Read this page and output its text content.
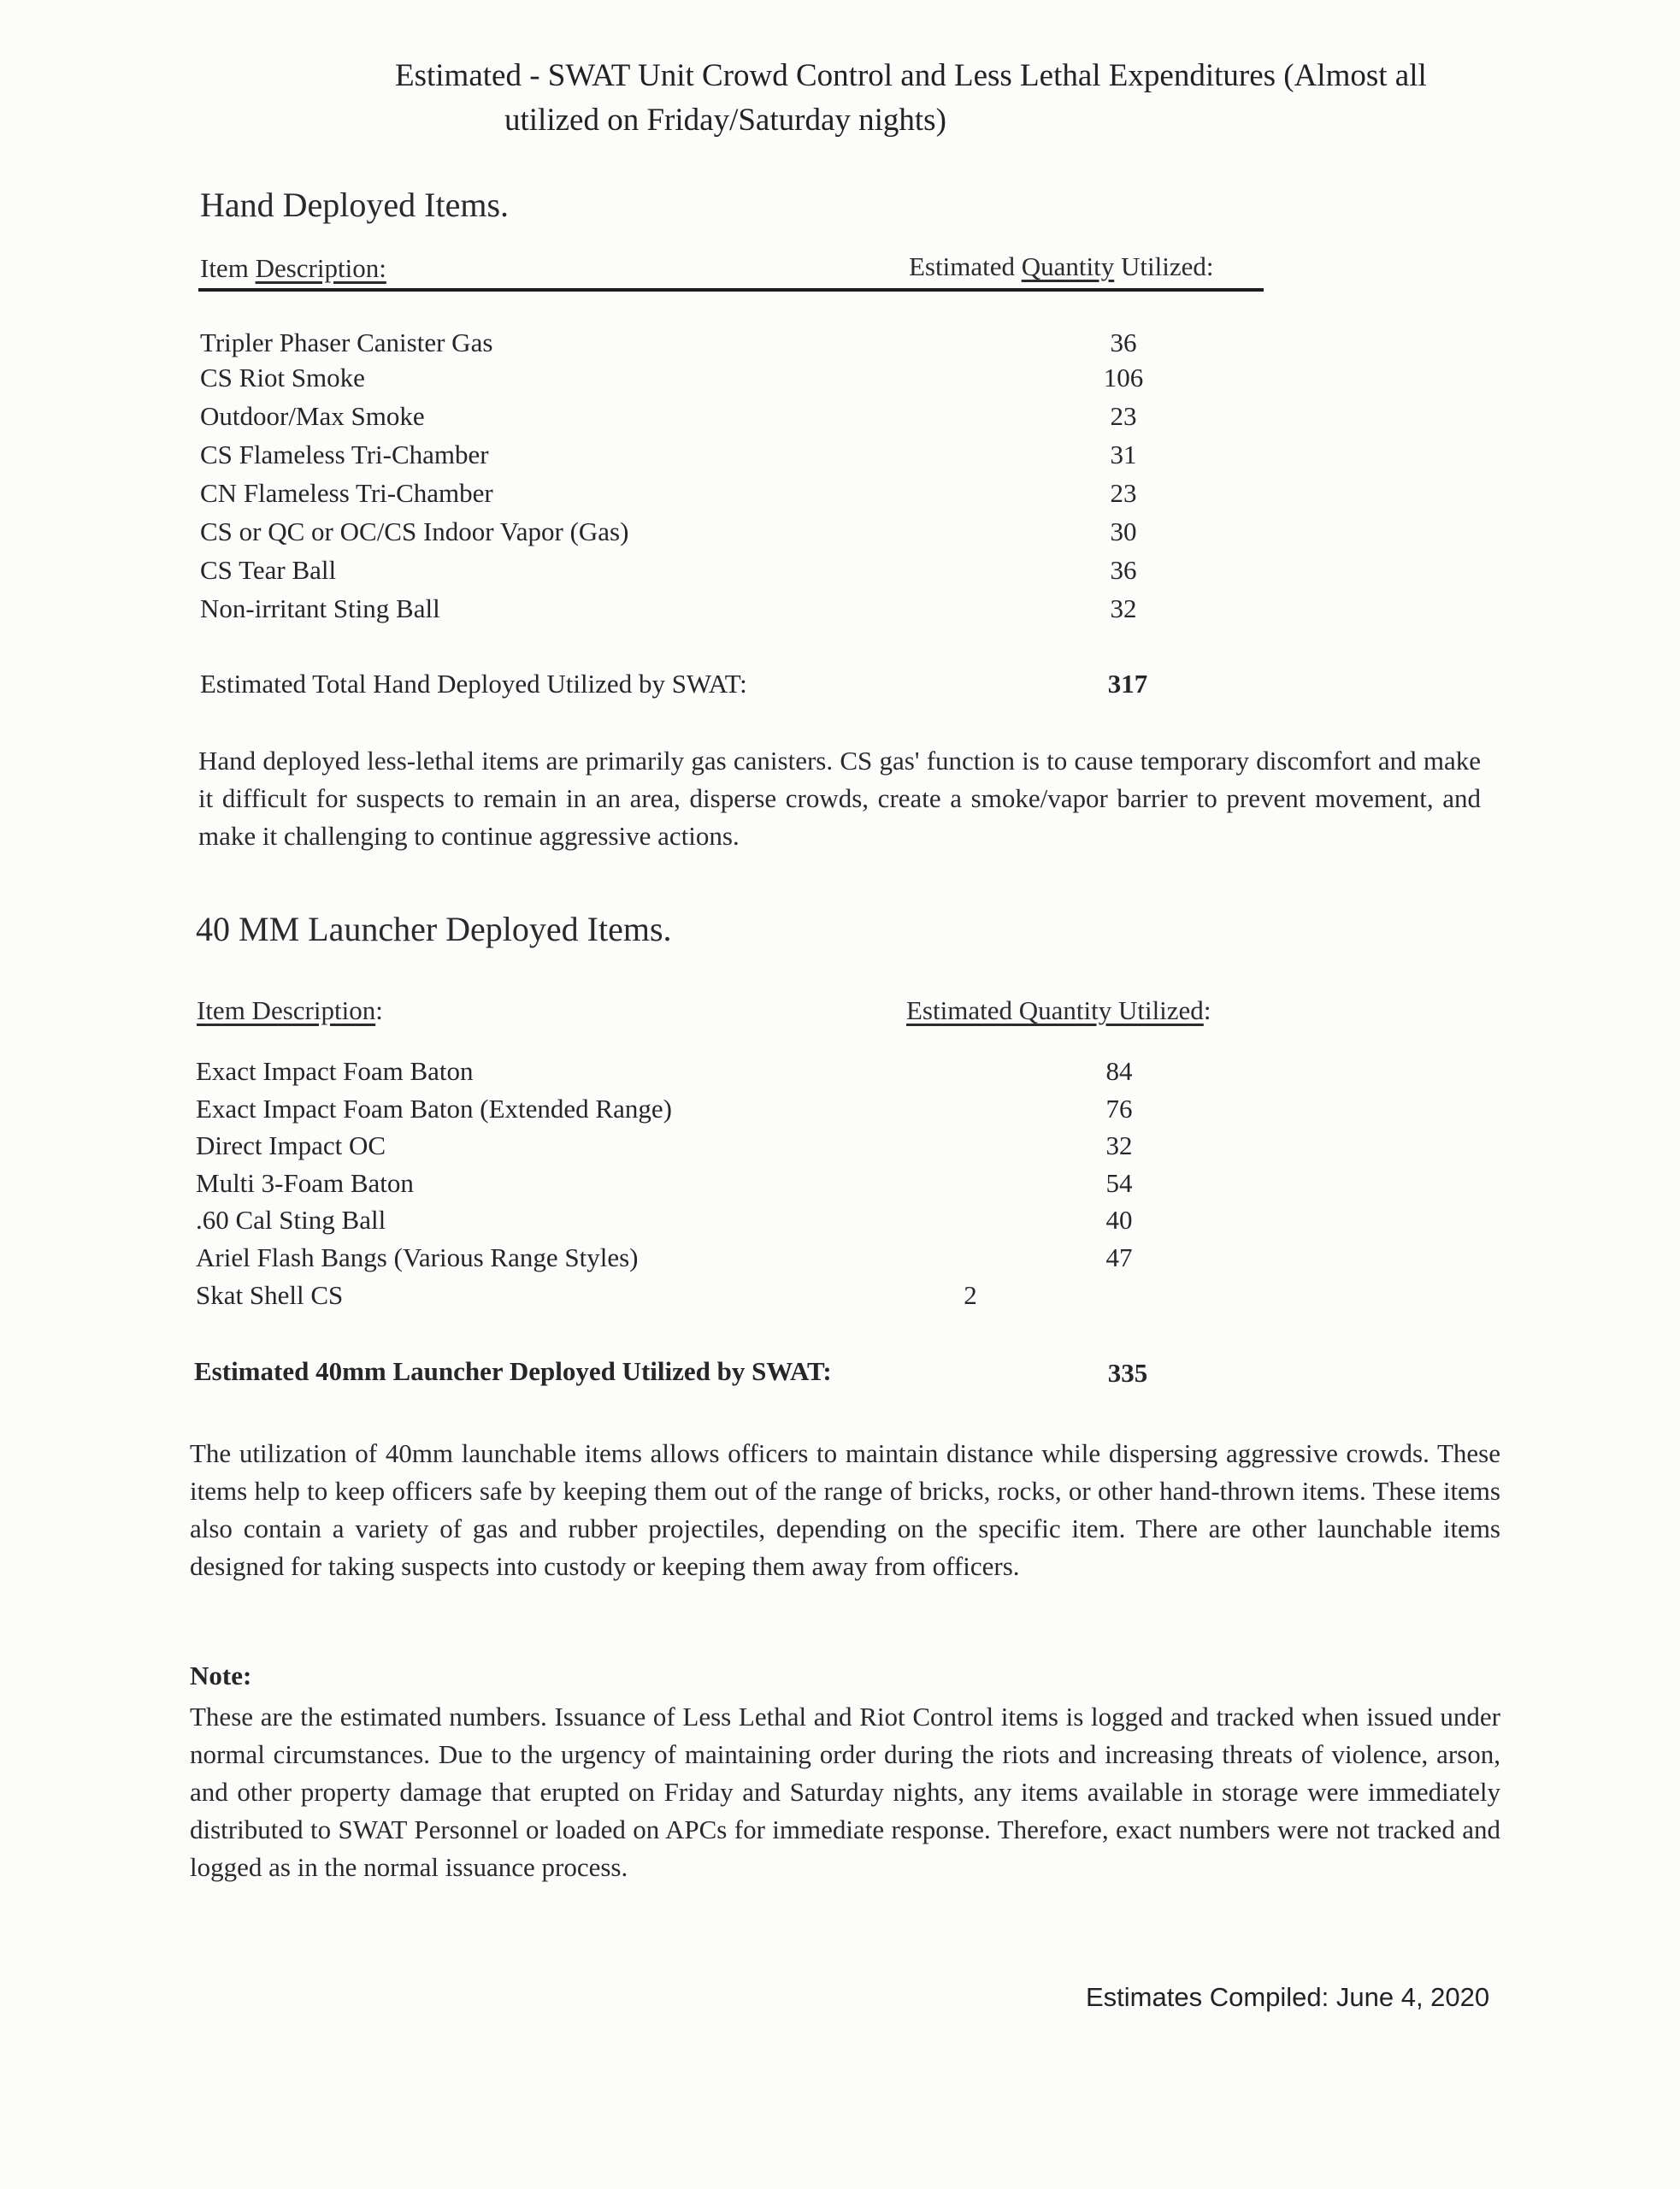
Estimated - SWAT Unit Crowd Control and Less Lethal Expenditures (Almost all
utilized on Friday/Saturday nights)
Hand Deployed Items.
Item Description:	Estimated Quantity Utilized:
Tripler Phaser Canister Gas	36
CS Riot Smoke	106
Outdoor/Max Smoke	23
CS Flameless Tri-Chamber	31
CN Flameless Tri-Chamber	23
CS or QC or OC/CS Indoor Vapor (Gas)	30
CS Tear Ball	36
Non-irritant Sting Ball	32
Estimated Total Hand Deployed Utilized by SWAT:	317
Hand deployed less-lethal items are primarily gas canisters. CS gas' function is to cause temporary discomfort and make it difficult for suspects to remain in an area, disperse crowds, create a smoke/vapor barrier to prevent movement, and make it challenging to continue aggressive actions.
40 MM Launcher Deployed Items.
Item Description:	Estimated Quantity Utilized:
Exact Impact Foam Baton	84
Exact Impact Foam Baton (Extended Range)	76
Direct Impact OC	32
Multi 3-Foam Baton	54
.60 Cal Sting Ball	40
Ariel Flash Bangs (Various Range Styles)	47
Skat Shell CS	2
Estimated 40mm Launcher Deployed Utilized by SWAT:	335
The utilization of 40mm launchable items allows officers to maintain distance while dispersing aggressive crowds. These items help to keep officers safe by keeping them out of the range of bricks, rocks, or other hand-thrown items. These items also contain a variety of gas and rubber projectiles, depending on the specific item. There are other launchable items designed for taking suspects into custody or keeping them away from officers.
Note:
These are the estimated numbers. Issuance of Less Lethal and Riot Control items is logged and tracked when issued under normal circumstances. Due to the urgency of maintaining order during the riots and increasing threats of violence, arson, and other property damage that erupted on Friday and Saturday nights, any items available in storage were immediately distributed to SWAT Personnel or loaded on APCs for immediate response. Therefore, exact numbers were not tracked and logged as in the normal issuance process.
Estimates Compiled: June 4, 2020
